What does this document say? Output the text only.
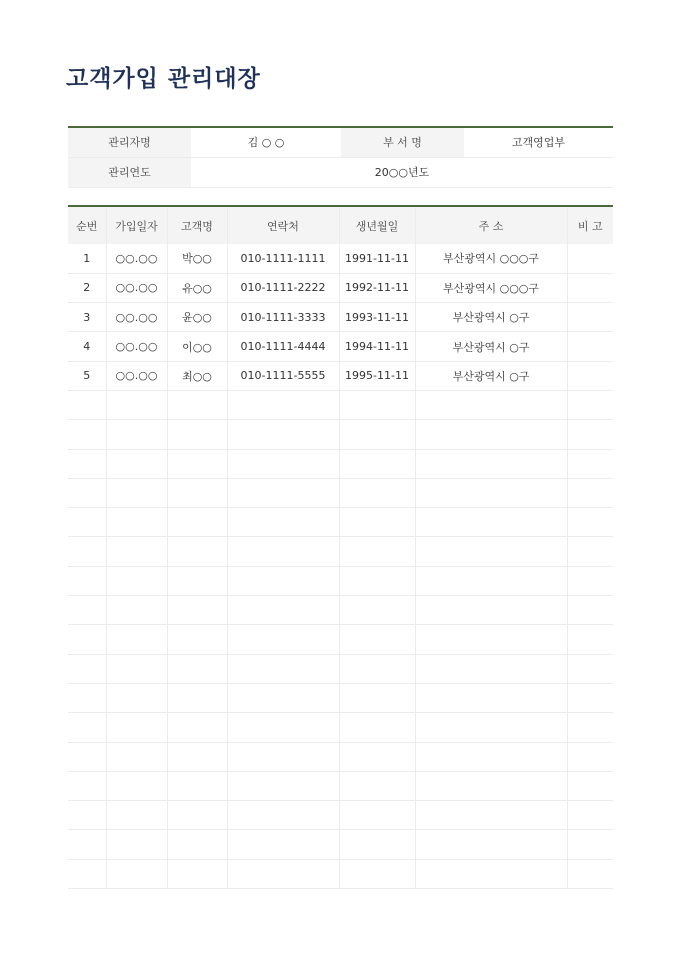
고객가입 관리대장
관리자명	김 ○ ○	부 서 명	고객영업부
관리연도	20○○년도		
순번	가입일자	고객명	연락처	생년월일	주 소	비 고
1	○○.○○	박○○	010-1111-1111	1991-11-11	부산광역시 ○○○구	
2	○○.○○	유○○	010-1111-2222	1992-11-11	부산광역시 ○○○구	
3	○○.○○	윤○○	010-1111-3333	1993-11-11	부산광역시 ○구	
4	○○.○○	이○○	010-1111-4444	1994-11-11	부산광역시 ○구	
5	○○.○○	최○○	010-1111-5555	1995-11-11	부산광역시 ○구	
